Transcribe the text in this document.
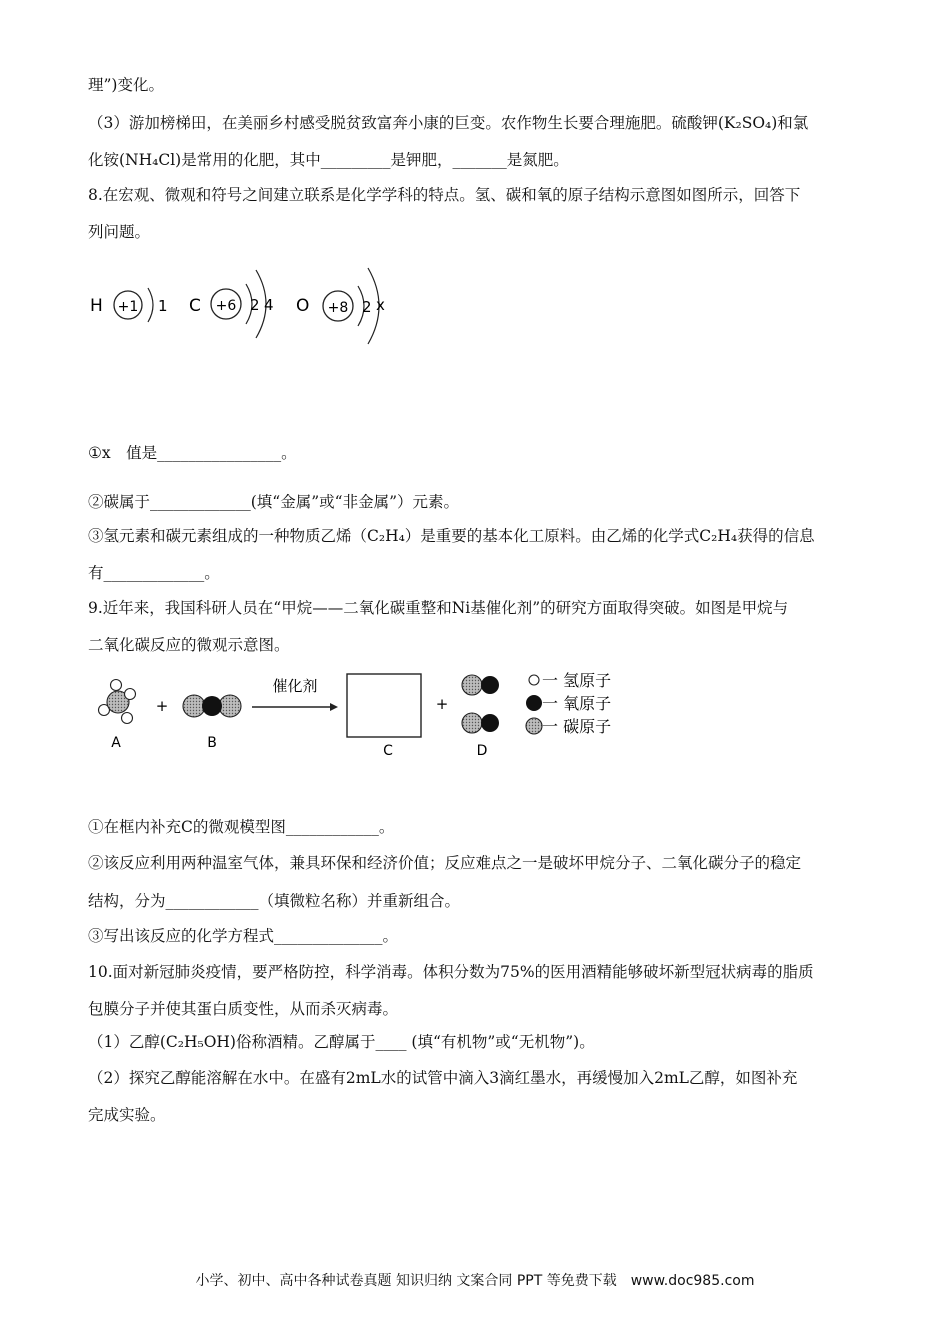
理”)变化。
（3）游加榜梯田，在美丽乡村感受脱贫致富奔小康的巨变。农作物生长要合理施肥。硫酸钾(K₂SO₄)和氯
化铵(NH₄Cl)是常用的化肥，其中_________是钾肥，_______是氮肥。
8.在宏观、微观和符号之间建立联系是化学学科的特点。氢、碳和氧的原子结构示意图如图所示，回答下
列问题。
H +1 1 C +6 2 4 O +8 2 x
①x　值是________________。
②碳属于_____________(填“金属”或“非金属”）元素。
③氢元素和碳元素组成的一种物质乙烯（C₂H₄）是重要的基本化工原料。由乙烯的化学式C₂H₄获得的信息
有_____________。
9.近年来，我国科研人员在“甲烷——二氧化碳重整和Ni基催化剂”的研究方面取得突破。如图是甲烷与
二氧化碳反应的微观示意图。
A
+
B
催化剂
C
+
D
一 氢原子
一 氧原子
一 碳原子
①在框内补充C的微观模型图____________。
②该反应利用两种温室气体，兼具环保和经济价值；反应难点之一是破坏甲烷分子、二氧化碳分子的稳定
结构，分为____________（填微粒名称）并重新组合。
③写出该反应的化学方程式______________。
10.面对新冠肺炎疫情，要严格防控，科学消毒。体积分数为75%的医用酒精能够破坏新型冠状病毒的脂质
包膜分子并使其蛋白质变性，从而杀灭病毒。
（1）乙醇(C₂H₅OH)俗称酒精。乙醇属于____ (填“有机物”或“无机物”)。
（2）探究乙醇能溶解在水中。在盛有2mL水的试管中滴入3滴红墨水，再缓慢加入2mL乙醇，如图补充
完成实验。
小学、初中、高中各种试卷真题 知识归纳 文案合同 PPT 等免费下载　www.doc985.com
